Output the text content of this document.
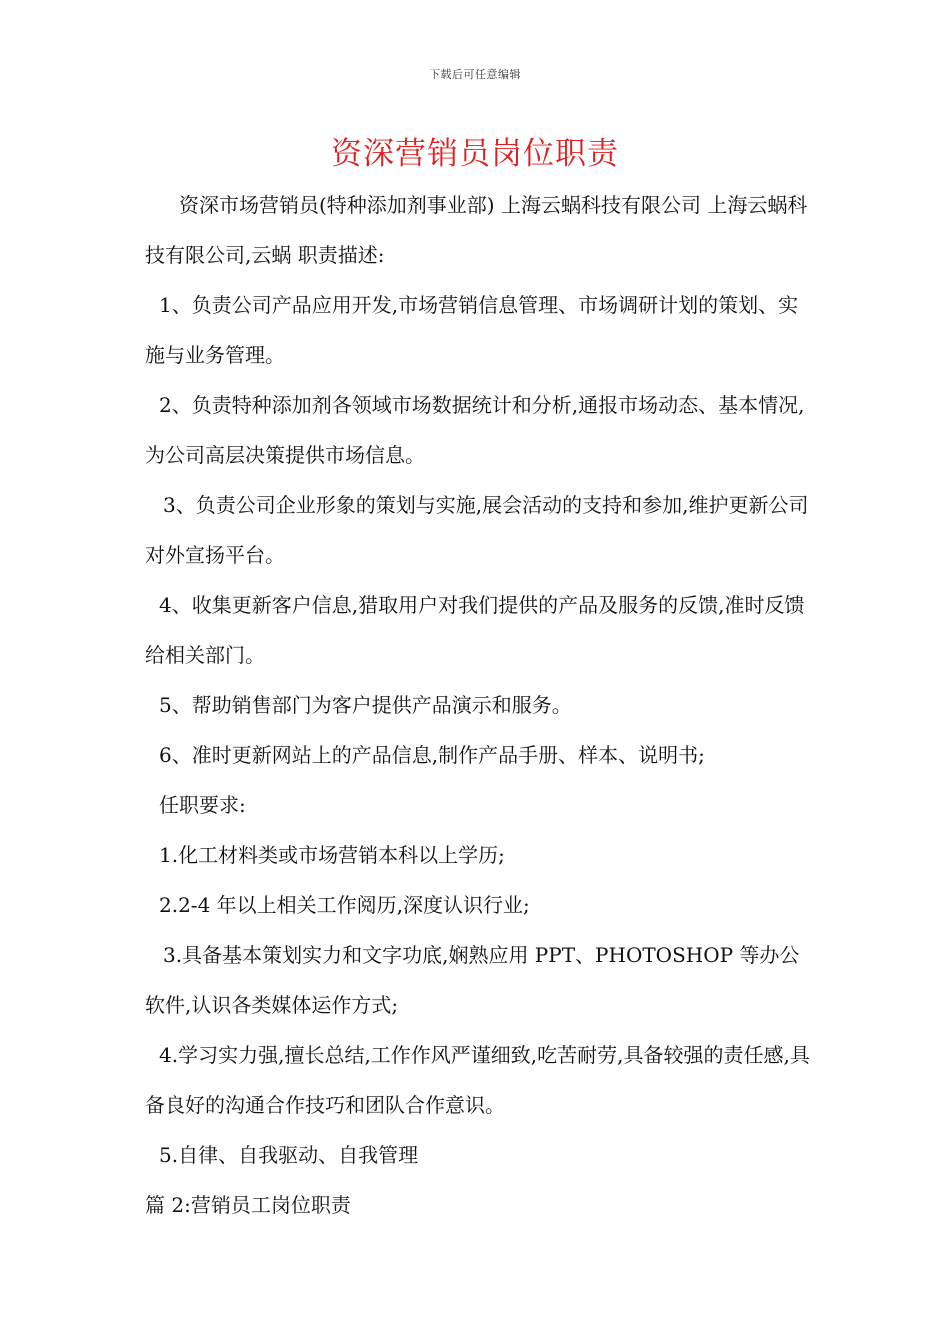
下载后可任意编辑
资深营销员岗位职责

资深市场营销员(特种添加剂事业部) 上海云蜗科技有限公司 上海云蜗科技有限公司,云蜗 职责描述:

1、负责公司产品应用开发,市场营销信息管理、市场调研计划的策划、实施与业务管理。

2、负责特种添加剂各领域市场数据统计和分析,通报市场动态、基本情况,为公司高层决策提供市场信息。

3、负责公司企业形象的策划与实施,展会活动的支持和参加,维护更新公司对外宣扬平台。

4、收集更新客户信息,猎取用户对我们提供的产品及服务的反馈,准时反馈给相关部门。

5、帮助销售部门为客户提供产品演示和服务。

6、准时更新网站上的产品信息,制作产品手册、样本、说明书;

任职要求:

1.化工材料类或市场营销本科以上学历;

2.2-4 年以上相关工作阅历,深度认识行业;

3.具备基本策划实力和文字功底,娴熟应用 PPT、PHOTOSHOP 等办公软件,认识各类媒体运作方式;

4.学习实力强,擅长总结,工作作风严谨细致,吃苦耐劳,具备较强的责任感,具备良好的沟通合作技巧和团队合作意识。

5.自律、自我驱动、自我管理

篇 2:营销员工岗位职责
